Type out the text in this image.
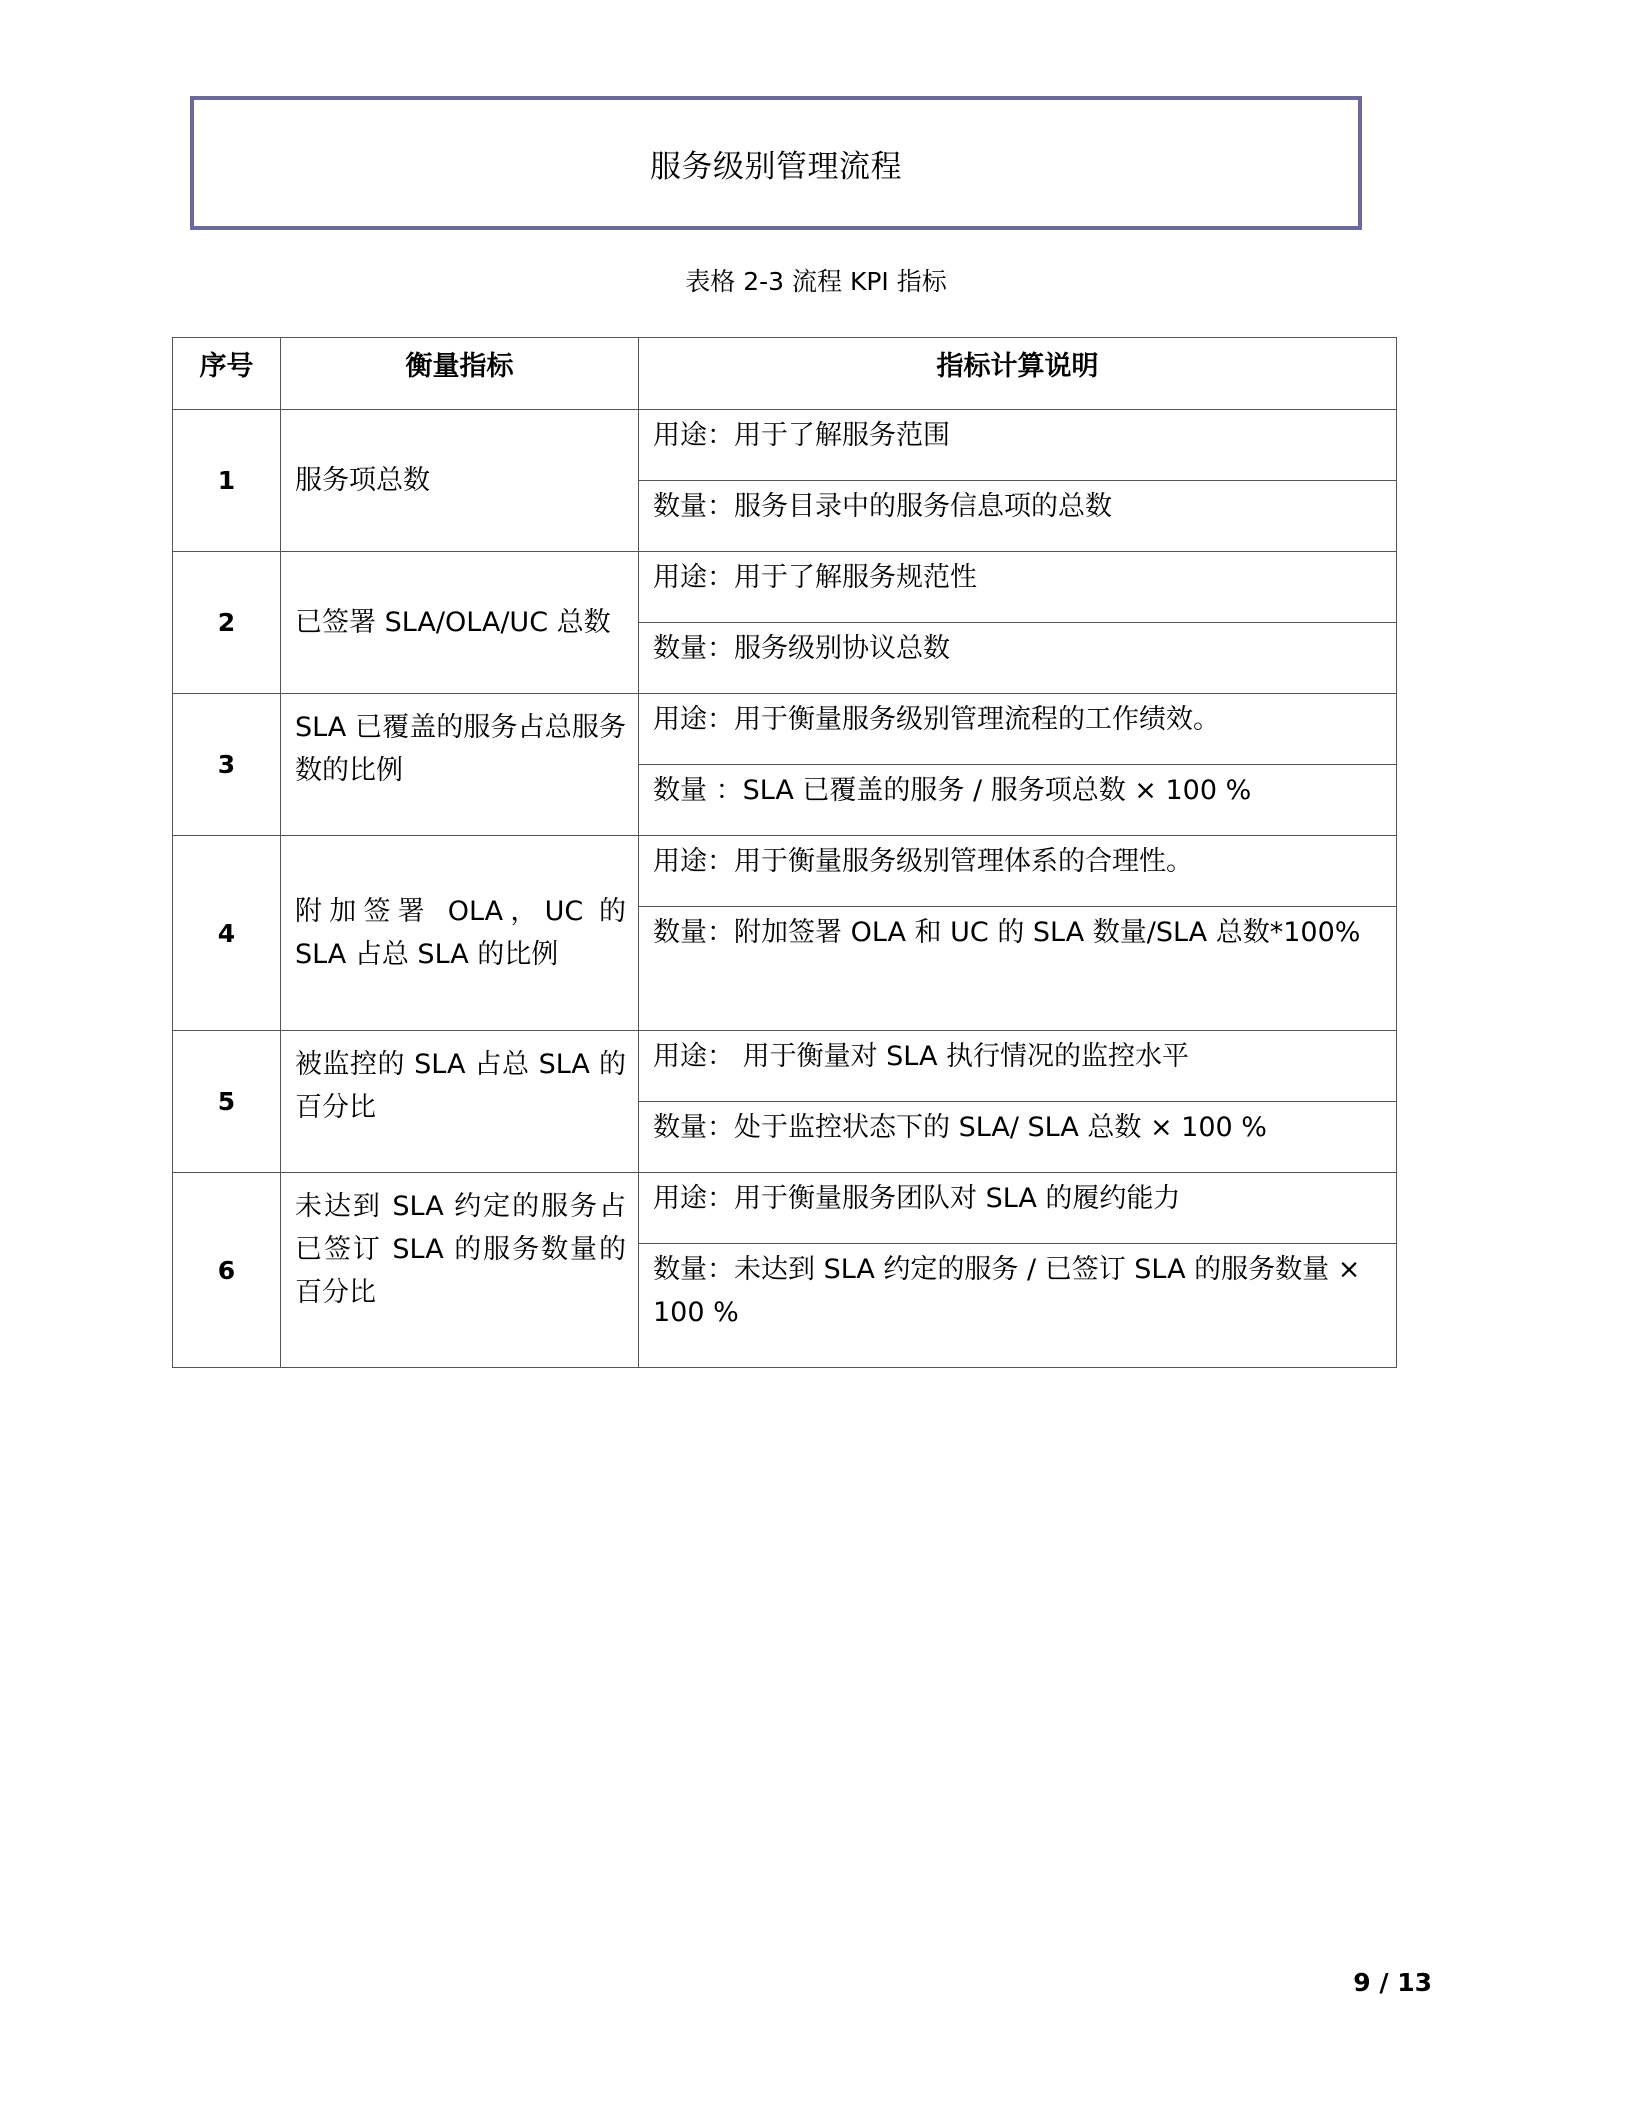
服务级别管理流程
表格 2-3 流程 KPI 指标
序号	衡量指标	指标计算说明
1	服务项总数	用途：用于了解服务范围
		数量：服务目录中的服务信息项的总数
2	已签署 SLA/OLA/UC 总数	用途：用于了解服务规范性
		数量：服务级别协议总数
3	SLA 已覆盖的服务占总服务数的比例	用途：用于衡量服务级别管理流程的工作绩效。
		数量 ：SLA 已覆盖的服务 / 服务项总数 × 100 %
4	附加签署 OLA，UC 的 SLA 占总 SLA 的比例	用途：用于衡量服务级别管理体系的合理性。
		数量：附加签署 OLA 和 UC 的 SLA 数量/SLA 总数*100%
5	被监控的 SLA 占总 SLA 的百分比	用途： 用于衡量对 SLA 执行情况的监控水平
		数量：处于监控状态下的 SLA/ SLA 总数 × 100 %
6	未达到 SLA 约定的服务占已签订 SLA 的服务数量的百分比	用途：用于衡量服务团队对 SLA 的履约能力
		数量：未达到 SLA 约定的服务 / 已签订 SLA 的服务数量 × 100 %
9 / 13
